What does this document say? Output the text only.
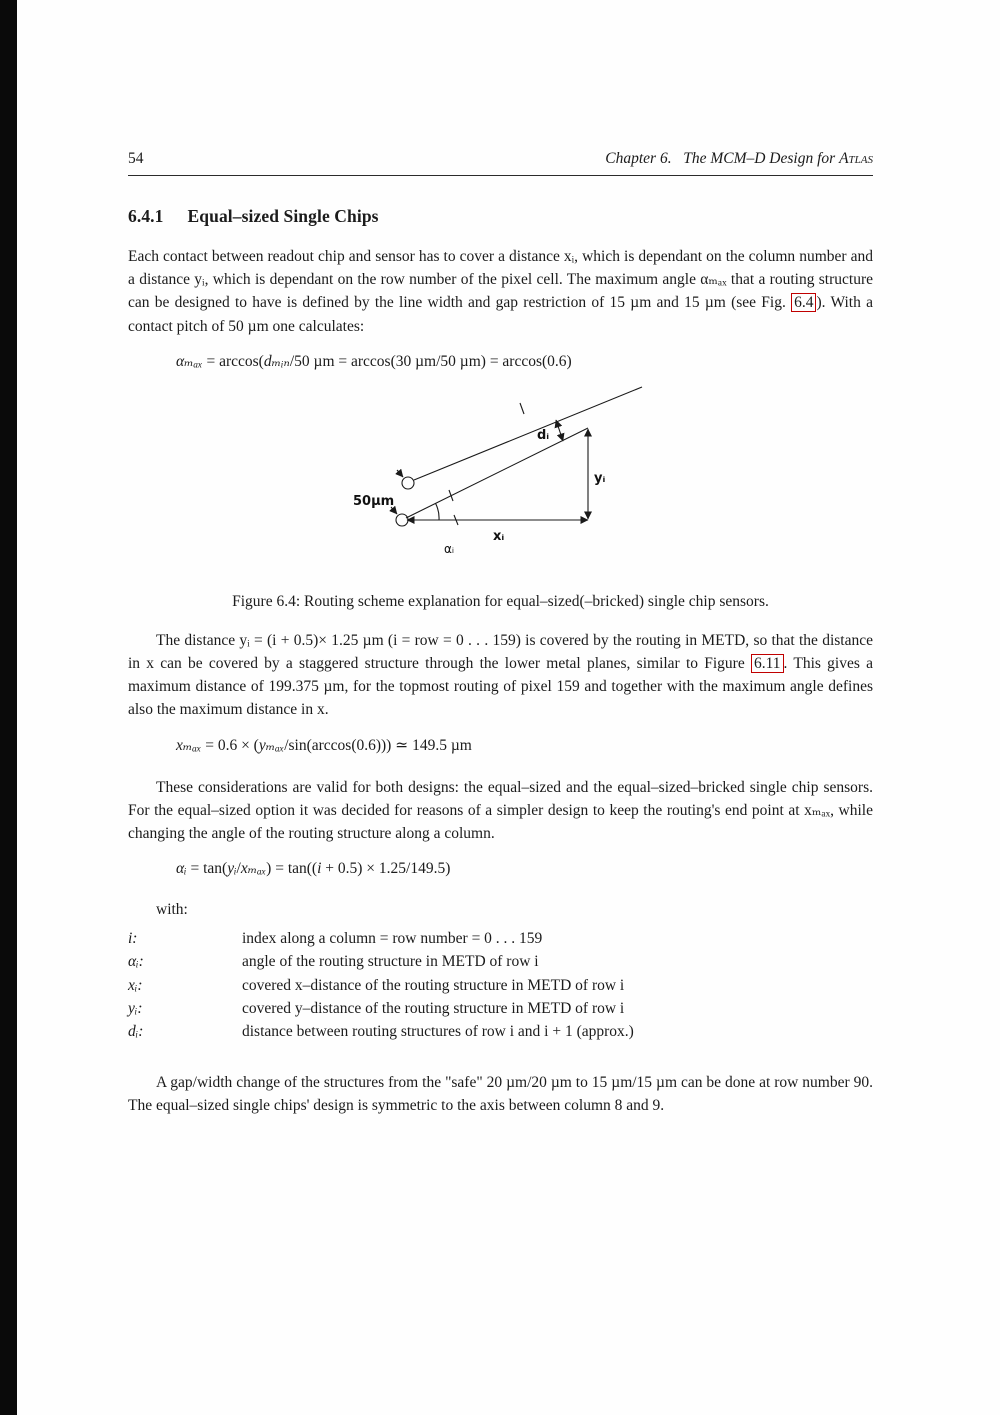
54	Chapter 6.  The MCM–D Design for Atlas
6.4.1 Equal–sized Single Chips

Each contact between readout chip and sensor has to cover a distance xᵢ, which is dependant on the column number and a distance yᵢ, which is dependant on the row number of the pixel cell. The maximum angle αₘₐₓ that a routing structure can be designed to have is defined by the line width and gap restriction of 15 µm and 15 µm (see Fig. 6.4 ). With a contact pitch of 50 µm one calculates:

αₘₐₓ = arccos(dₘᵢₙ/50 µm = arccos(30 µm/50 µm) = arccos(0.6)
50µm
dᵢ
yᵢ
xᵢ
αᵢ

Figure 6.4: Routing scheme explanation for equal–sized(–bricked) single chip sensors.

The distance yᵢ = (i + 0.5)× 1.25 µm (i = row = 0 . . . 159) is covered by the routing in METD, so that the distance in x can be covered by a staggered structure through the lower metal planes, similar to Figure 6.11 . This gives a maximum distance of 199.375 µm, for the topmost routing of pixel 159 and together with the maximum angle defines also the maximum distance in x.

xₘₐₓ = 0.6 × (yₘₐₓ/sin(arccos(0.6))) ≃ 149.5 µm

These considerations are valid for both designs: the equal–sized and the equal–sized–bricked single chip sensors. For the equal–sized option it was decided for reasons of a simpler design to keep the routing's end point at xₘₐₓ, while changing the angle of the routing structure along a column.

αᵢ = tan(yᵢ/xₘₐₓ) = tan((i + 0.5) × 1.25/149.5)

with:

i:	index along a column = row number = 0 . . . 159
αᵢ:	angle of the routing structure in METD of row i
xᵢ:	covered x–distance of the routing structure in METD of row i
yᵢ:	covered y–distance of the routing structure in METD of row i
dᵢ:	distance between routing structures of row i and i + 1 (approx.)

A gap/width change of the structures from the "safe" 20 µm/20 µm to 15 µm/15 µm can be done at row number 90. The equal–sized single chips' design is symmetric to the axis between column 8 and 9.
